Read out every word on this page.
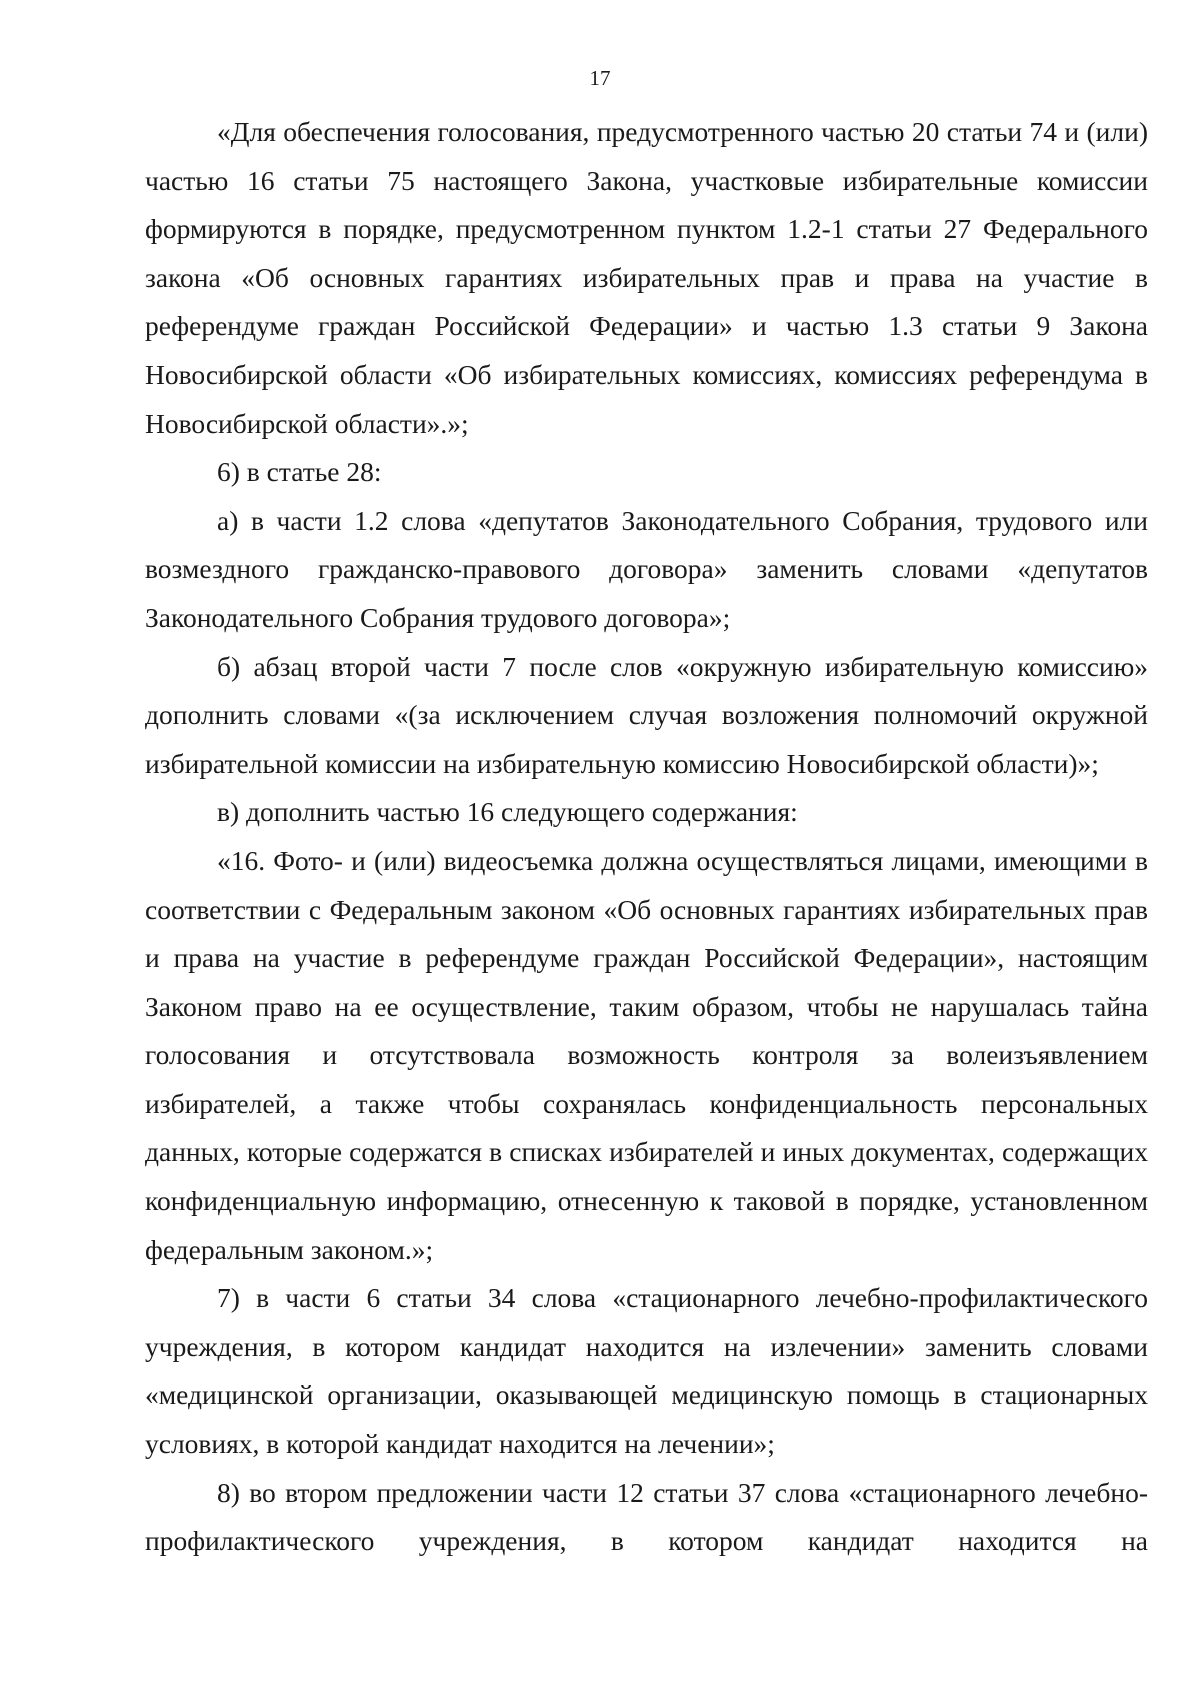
17

«Для обеспечения голосования, предусмотренного частью 20 статьи 74 и (или) частью 16 статьи 75 настоящего Закона, участковые избирательные комиссии формируются в порядке, предусмотренном пунктом 1.2-1 статьи 27 Федерального закона «Об основных гарантиях избирательных прав и права на участие в референдуме граждан Российской Федерации» и частью 1.3 статьи 9 Закона Новосибирской области «Об избирательных комиссиях, комиссиях референдума в Новосибирской области».»;

6) в статье 28:

а) в части 1.2 слова «депутатов Законодательного Собрания, трудового или возмездного гражданско-правового договора» заменить словами «депутатов Законодательного Собрания трудового договора»;

б) абзац второй части 7 после слов «окружную избирательную комиссию» дополнить словами «(за исключением случая возложения полномочий окружной избирательной комиссии на избирательную комиссию Новосибирской области)»;

в) дополнить частью 16 следующего содержания:

«16. Фото- и (или) видеосъемка должна осуществляться лицами, имеющими в соответствии с Федеральным законом «Об основных гарантиях избирательных прав и права на участие в референдуме граждан Российской Федерации», настоящим Законом право на ее осуществление, таким образом, чтобы не нарушалась тайна голосования и отсутствовала возможность контроля за волеизъявлением избирателей, а также чтобы сохранялась конфиденциальность персональных данных, которые содержатся в списках избирателей и иных документах, содержащих конфиденциальную информацию, отнесенную к таковой в порядке, установленном федеральным законом.»;

7) в части 6 статьи 34 слова «стационарного лечебно-профилактического учреждения, в котором кандидат находится на излечении» заменить словами «медицинской организации, оказывающей медицинскую помощь в стационарных условиях, в которой кандидат находится на лечении»;

8) во втором предложении части 12 статьи 37 слова «стационарного лечебно-профилактического учреждения, в котором кандидат находится на
